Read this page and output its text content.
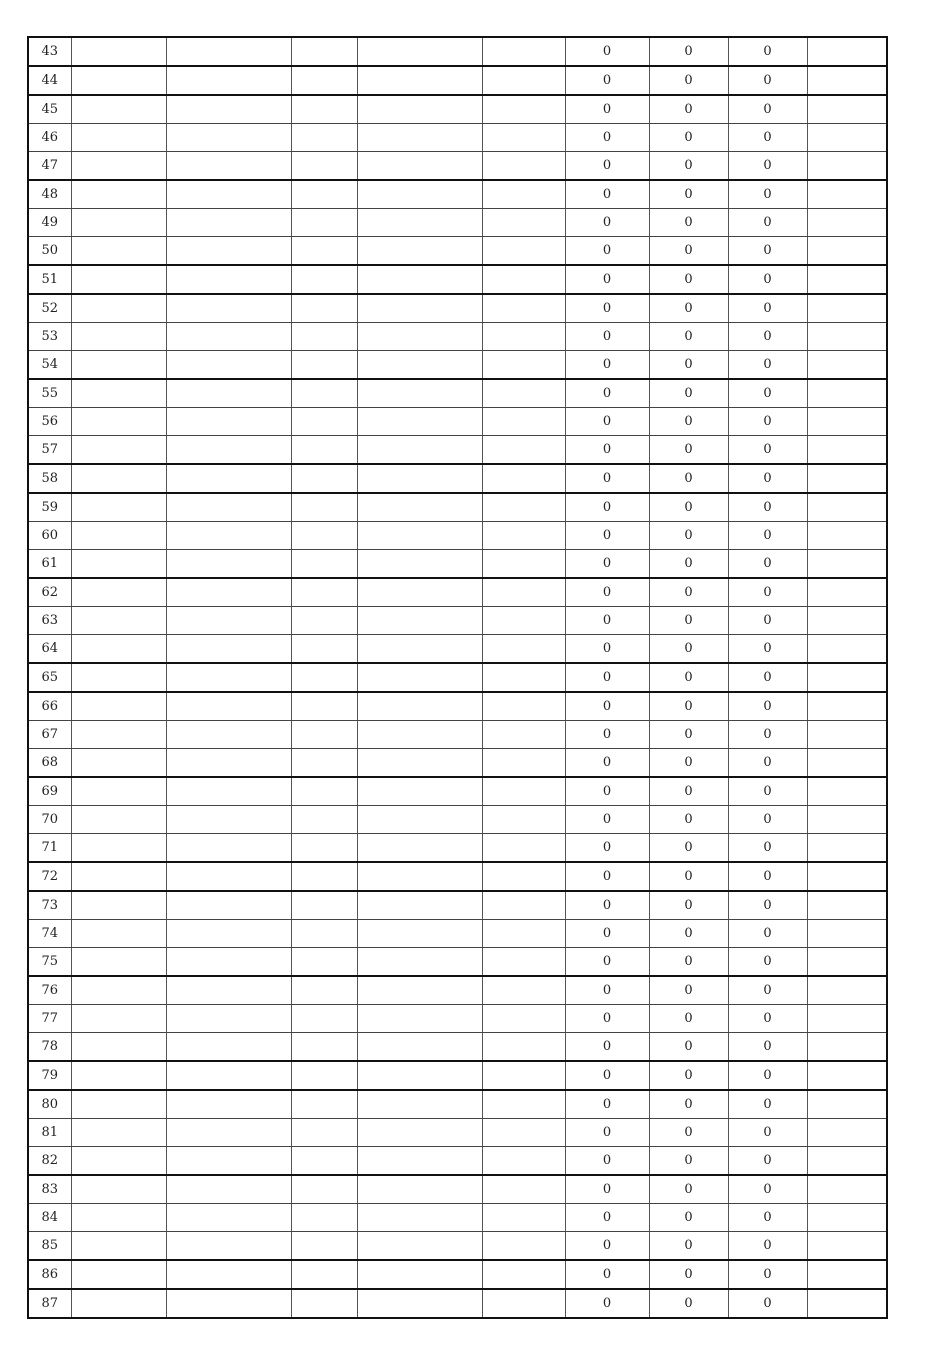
43						0	0	0	
44						0	0	0	
45						0	0	0	
46						0	0	0	
47						0	0	0	
48						0	0	0	
49						0	0	0	
50						0	0	0	
51						0	0	0	
52						0	0	0	
53						0	0	0	
54						0	0	0	
55						0	0	0	
56						0	0	0	
57						0	0	0	
58						0	0	0	
59						0	0	0	
60						0	0	0	
61						0	0	0	
62						0	0	0	
63						0	0	0	
64						0	0	0	
65						0	0	0	
66						0	0	0	
67						0	0	0	
68						0	0	0	
69						0	0	0	
70						0	0	0	
71						0	0	0	
72						0	0	0	
73						0	0	0	
74						0	0	0	
75						0	0	0	
76						0	0	0	
77						0	0	0	
78						0	0	0	
79						0	0	0	
80						0	0	0	
81						0	0	0	
82						0	0	0	
83						0	0	0	
84						0	0	0	
85						0	0	0	
86						0	0	0	
87						0	0	0	
